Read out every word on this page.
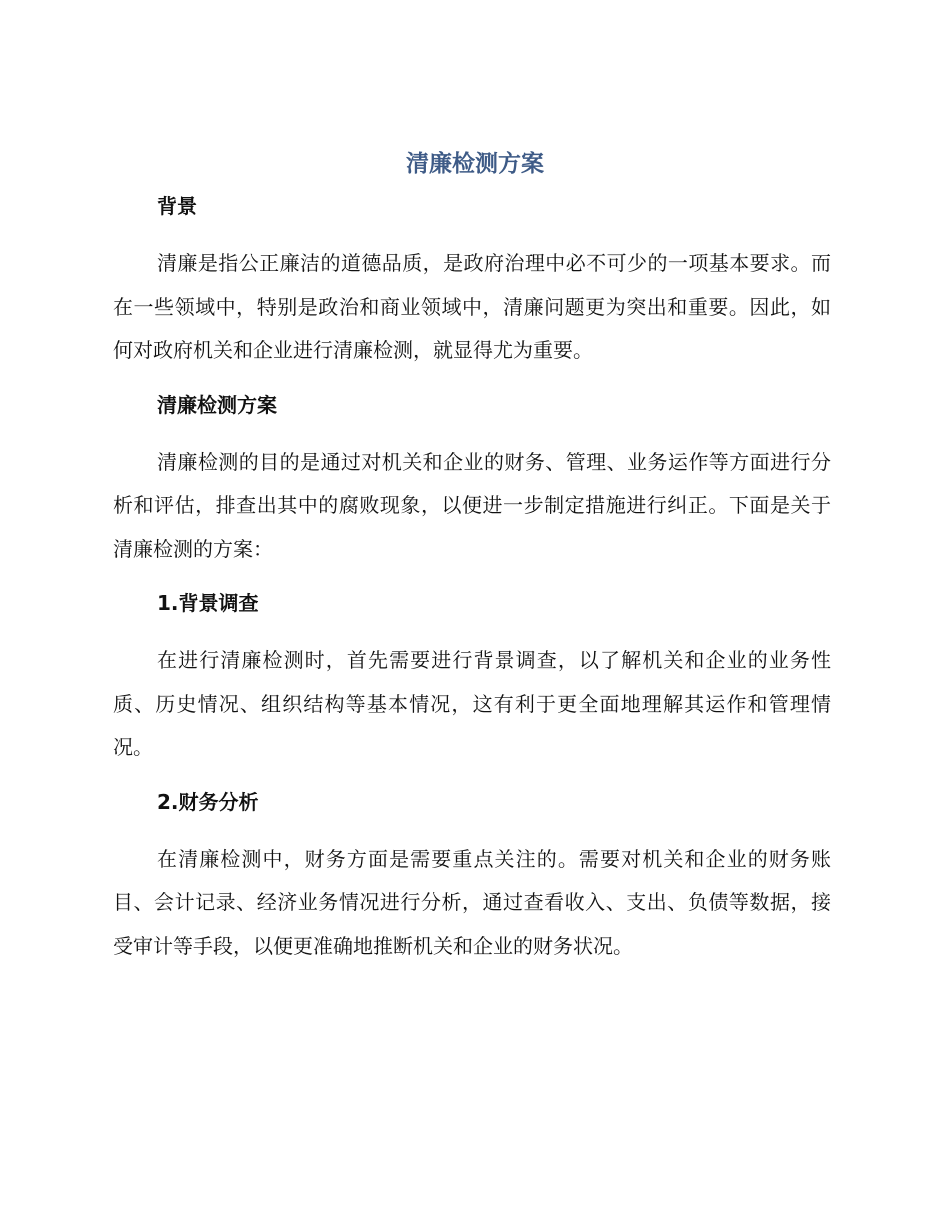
清廉检测方案
背景

清廉是指公正廉洁的道德品质，是政府治理中必不可少的一项基本要求。而在一些领域中，特别是政治和商业领域中，清廉问题更为突出和重要。因此，如何对政府机关和企业进行清廉检测，就显得尤为重要。

清廉检测方案

清廉检测的目的是通过对机关和企业的财务、管理、业务运作等方面进行分析和评估，排查出其中的腐败现象，以便进一步制定措施进行纠正。下面是关于清廉检测的方案：

1.背景调查

在进行清廉检测时，首先需要进行背景调查，以了解机关和企业的业务性质、历史情况、组织结构等基本情况，这有利于更全面地理解其运作和管理情况。

2.财务分析

在清廉检测中，财务方面是需要重点关注的。需要对机关和企业的财务账目、会计记录、经济业务情况进行分析，通过查看收入、支出、负债等数据，接受审计等手段，以便更准确地推断机关和企业的财务状况。
